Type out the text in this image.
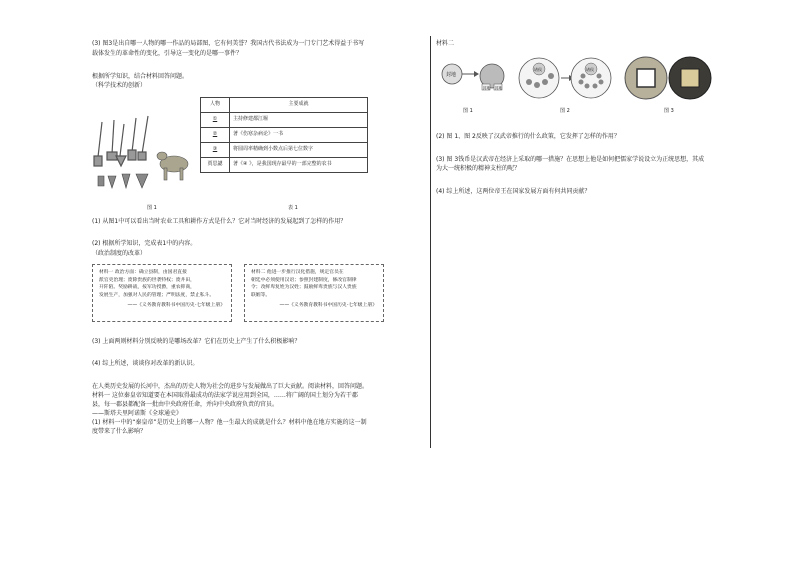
(3) 图3是出自哪一人物的哪一作品的局部图，它有何美誉？我国古代书法成为一门专门艺术得益于书写
载体发生的革命性的变化，引导这一变化的是哪一事件？
根据所学知识，结合材料回答问题。
（科学技术的创新）
图 1
人物	主要成就
①	主持修建都江堰
②	著《伤寒杂病论》一书
③	将圆周率精确到小数点后第七位数字
贾思勰	著《④ 》，是我国现存最早的一部完整的农书
表 1
(1) 从图1中可以看出当时农业工具和耕作方式是什么？它对当时经济的发展起到了怎样的作用？
(2) 根据所学知识，完成表1中的内容。
（政治制度的改革）
材料一 政治方面：确立县制，由国君直接
派官吏治理；废除贵族的世袭特权；废井田，
开阡陌。奖励耕战，按军功授爵，重农抑商，
发展生产，加强对人民的管理；严明法度，禁止私斗。
——《义务教育教科书中国历史·七年级上册》
材料二 他进一步推行汉化措施，规定官员在
朝廷中必须使用汉语；参照封建制度，修改官制律
令；改鲜卑复姓为汉姓；鼓励鲜卑贵族与汉人贵族
联姻等。
——《义务教育教科书中国历史·七年级上册》
(3) 上面两则材料分别反映的是哪场改革？它们在历史上产生了什么积极影响？
(4) 综上所述，谈谈你对改革的新认识。
在人类历史发展的长河中，杰出的历史人物为社会的进步与发展做出了巨大贡献。阅读材料，回答问题。
材料一 这位秦皇帝知道要在本国取得最成功的法家学说应用到全国，……将广阔的国土划分为若干郡
县，每一郡县都配备一批由中央政府任命，并向中央政府负责的官员。
——斯塔夫里阿诺斯《全球通史》
(1) 材料一中的“秦皇帝”是历史上的哪一人物？他一生最大的成就是什么？材料中他在地方实施的这一制
度带来了什么影响？
材料二
封地
封地 封地
图 1
诸侯	诸侯
图 2	图 3
(2) 图 1、图 2反映了汉武帝推行的什么政策，它发挥了怎样的作用？
(3) 图 3钱币是汉武帝在经济上采取的哪一措施？在思想上他是如何把儒家学说设立为正统思想，其成
为大一统积极的精神支柱的呢？
(4) 综上所述，这两位帝王在国家发展方面有何共同贡献？
